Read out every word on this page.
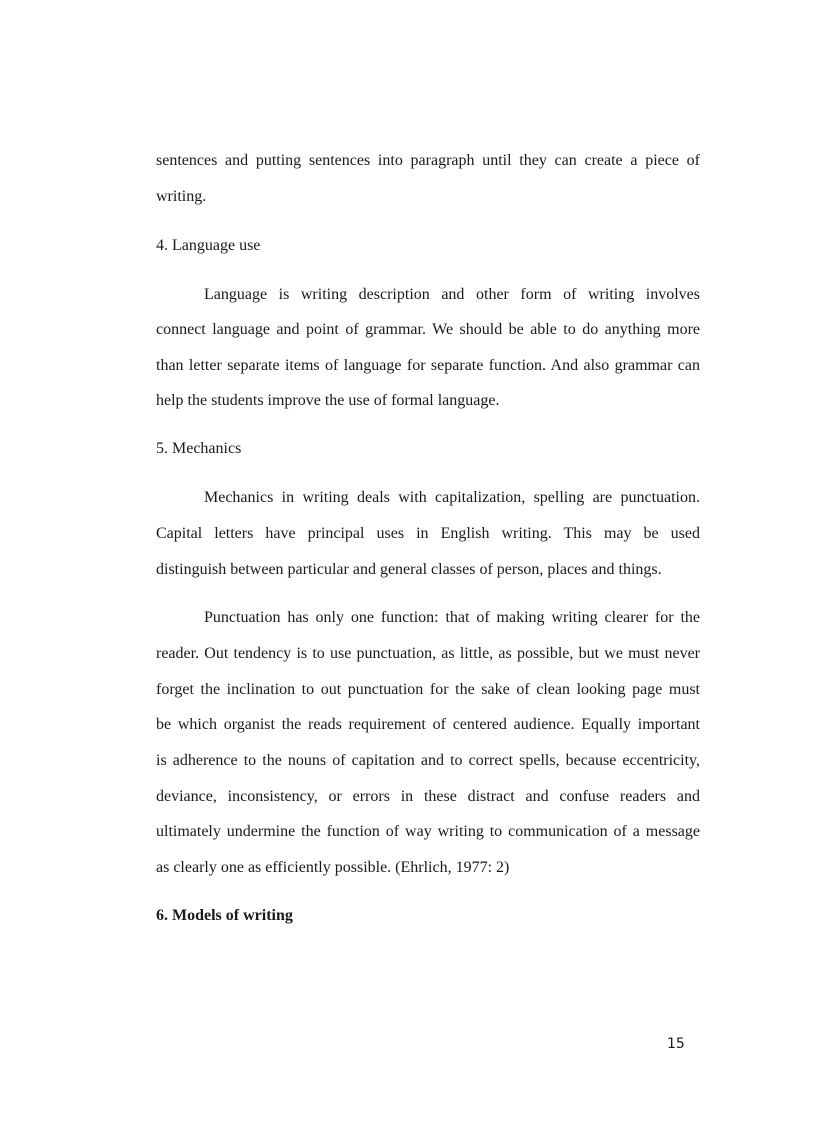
sentences and putting sentences into paragraph until they can create a piece of
writing.
4. Language use
Language is writing description and other form of writing involves
connect language and point of grammar. We should be able to do anything more
than letter separate items of language for separate function. And also grammar can
help the students improve the use of formal language.
5. Mechanics
Mechanics in writing deals with capitalization, spelling are punctuation.
Capital letters have principal uses in English writing. This may be used
distinguish between particular and general classes of person, places and things.
Punctuation has only one function: that of making writing clearer for the
reader. Out tendency is to use punctuation, as little, as possible, but we must never
forget the inclination to out punctuation for the sake of clean looking page must
be which organist the reads requirement of centered audience. Equally important
is adherence to the nouns of capitation and to correct spells, because eccentricity,
deviance, inconsistency, or errors in these distract and confuse readers and
ultimately undermine the function of way writing to communication of a message
as clearly one as efficiently possible. (Ehrlich, 1977: 2)
6. Models of writing
15
